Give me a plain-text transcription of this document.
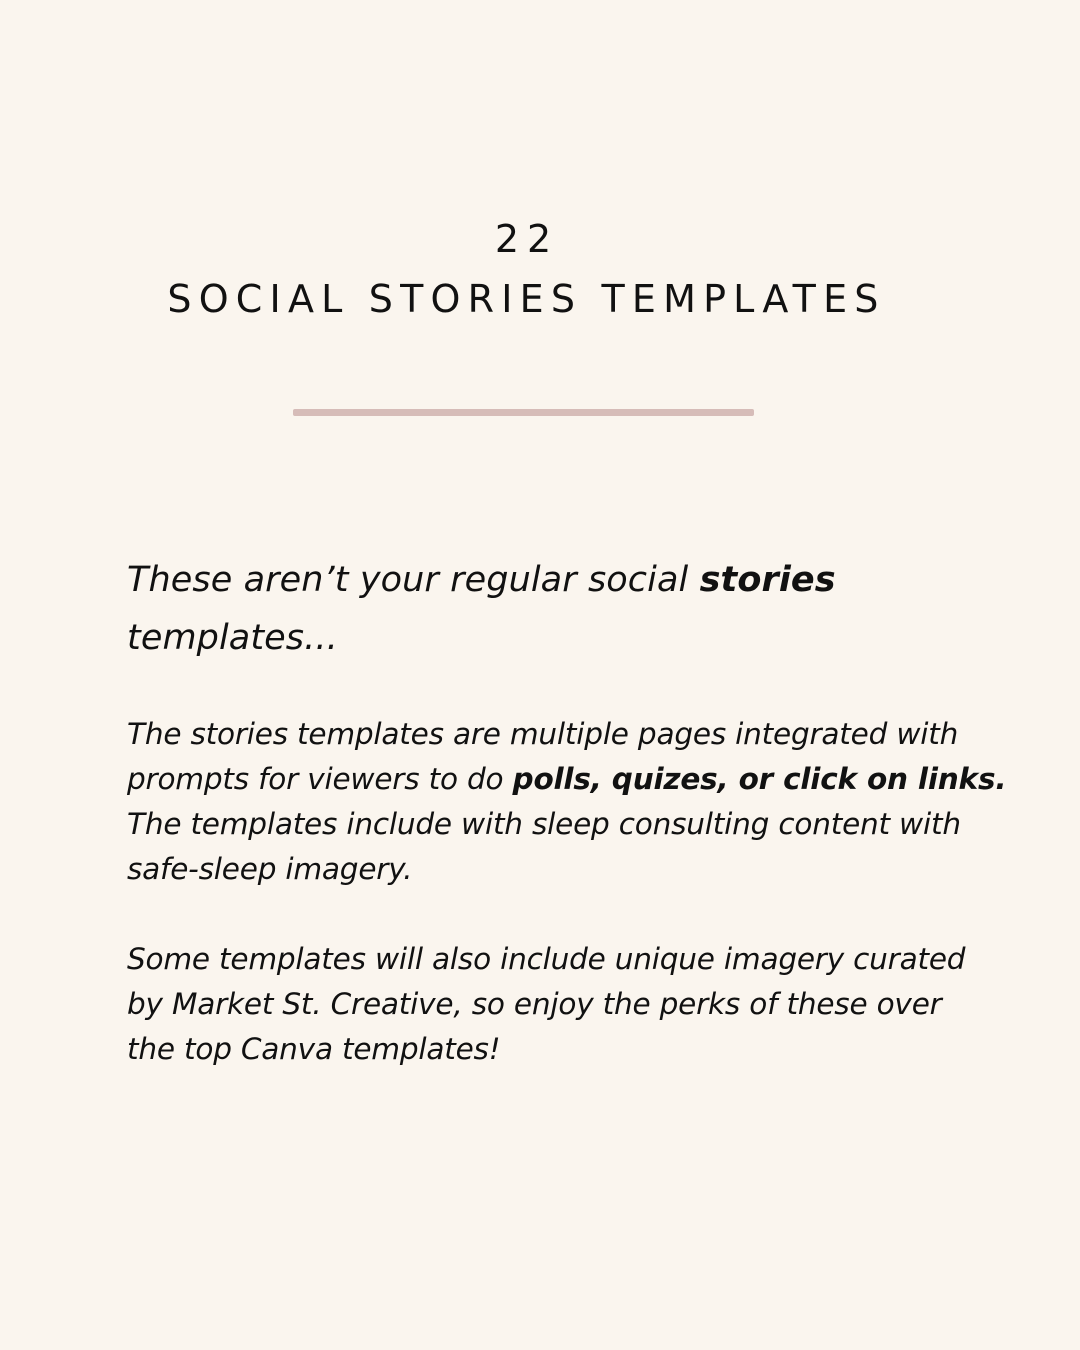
22
SOCIAL STORIES TEMPLATES

These aren’t your regular social stories
templates...

The stories templates are multiple pages integrated with prompts for viewers to do polls, quizes, or click on links. The templates include with sleep consulting content with safe-sleep imagery.

Some templates will also include unique imagery curated
by Market St. Creative, so enjoy the perks of these over
the top Canva templates!
